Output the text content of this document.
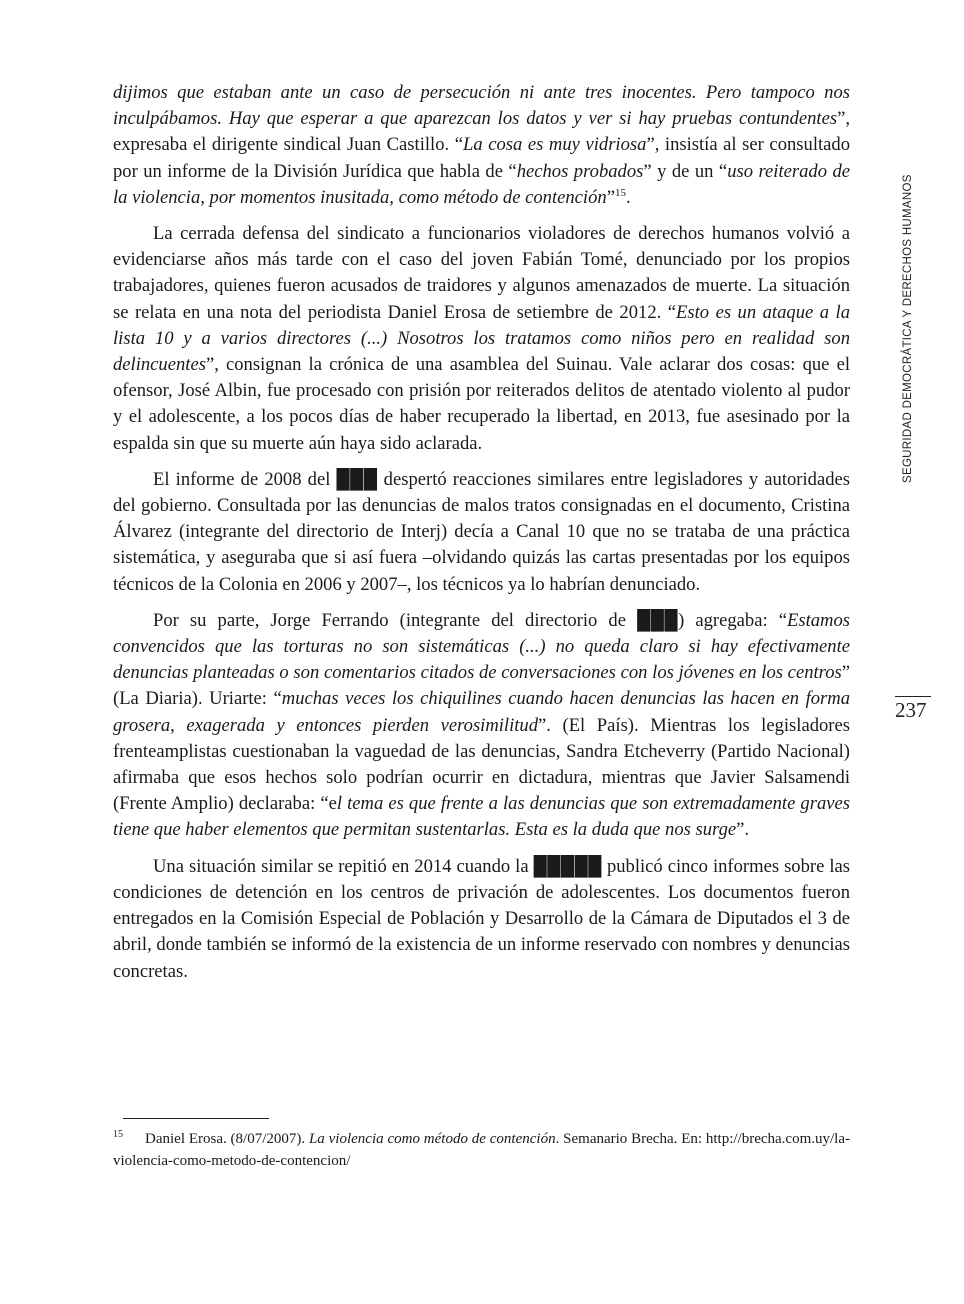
dijimos que estaban ante un caso de persecución ni ante tres inocentes. Pero tampoco nos inculpábamos. Hay que esperar a que aparezcan los datos y ver si hay pruebas contundentes”, expresaba el dirigente sindical Juan Castillo. “La cosa es muy vidriosa”, insistía al ser consultado por un informe de la División Jurídica que habla de “hechos probados” y de un “uso reiterado de la violencia, por momentos inusitada, como método de contención”$^{15}$.

La cerrada defensa del sindicato a funcionarios violadores de derechos humanos volvió a evidenciarse años más tarde con el caso del joven Fabián Tomé, denunciado por los propios trabajadores, quienes fueron acusados de traidores y algunos amenazados de muerte. La situación se relata en una nota del periodista Daniel Erosa de setiembre de 2012. “Esto es un ataque a la lista 10 y a varios directores (...) Nosotros los tratamos como niños pero en realidad son delincuentes”, consignan la crónica de una asamblea del Suinau. Vale aclarar dos cosas: que el ofensor, José Albin, fue procesado con prisión por reiterados delitos de atentado violento al pudor y el adolescente, a los pocos días de haber recuperado la libertad, en 2013, fue asesinado por la espalda sin que su muerte aún haya sido aclarada.

El informe de 2008 del ███ despertó reacciones similares entre legisladores y autoridades del gobierno. Consultada por las denuncias de malos tratos consignadas en el documento, Cristina Álvarez (integrante del directorio de Interj) decía a Canal 10 que no se trataba de una práctica sistemática, y aseguraba que si así fuera –olvidando quizás las cartas presentadas por los equipos técnicos de la Colonia en 2006 y 2007–, los técnicos ya lo habrían denunciado.

Por su parte, Jorge Ferrando (integrante del directorio de ███) agregaba: “Estamos convencidos que las torturas no son sistemáticas (...) no queda claro si hay efectivamente denuncias planteadas o son comentarios citados de conversaciones con los jóvenes en los centros” (La Diaria). Uriarte: “muchas veces los chiquilines cuando hacen denuncias las hacen en forma grosera, exagerada y entonces pierden verosimilitud”. (El País). Mientras los legisladores frenteamplistas cuestionaban la vaguedad de las denuncias, Sandra Etcheverry (Partido Nacional) afirmaba que esos hechos solo podrían ocurrir en dictadura, mientras que Javier Salsamendi (Frente Amplio) declaraba: “el tema es que frente a las denuncias que son extremadamente graves tiene que haber elementos que permitan sustentarlas. Esta es la duda que nos surge”.

Una situación similar se repitió en 2014 cuando la █████ publicó cinco informes sobre las condiciones de detención en los centros de privación de adolescentes. Los documentos fueron entregados en la Comisión Especial de Población y Desarrollo de la Cámara de Diputados el 3 de abril, donde también se informó de la existencia de un informe reservado con nombres y denuncias concretas.

SEGURIDAD DEMOCRÁTICA Y DERECHOS HUMANOS
237
$^{15}$ Daniel Erosa. (8/07/2007). La violencia como método de contención. Semanario Brecha. En: http://brecha.com.uy/la-violencia-como-metodo-de-contencion/
